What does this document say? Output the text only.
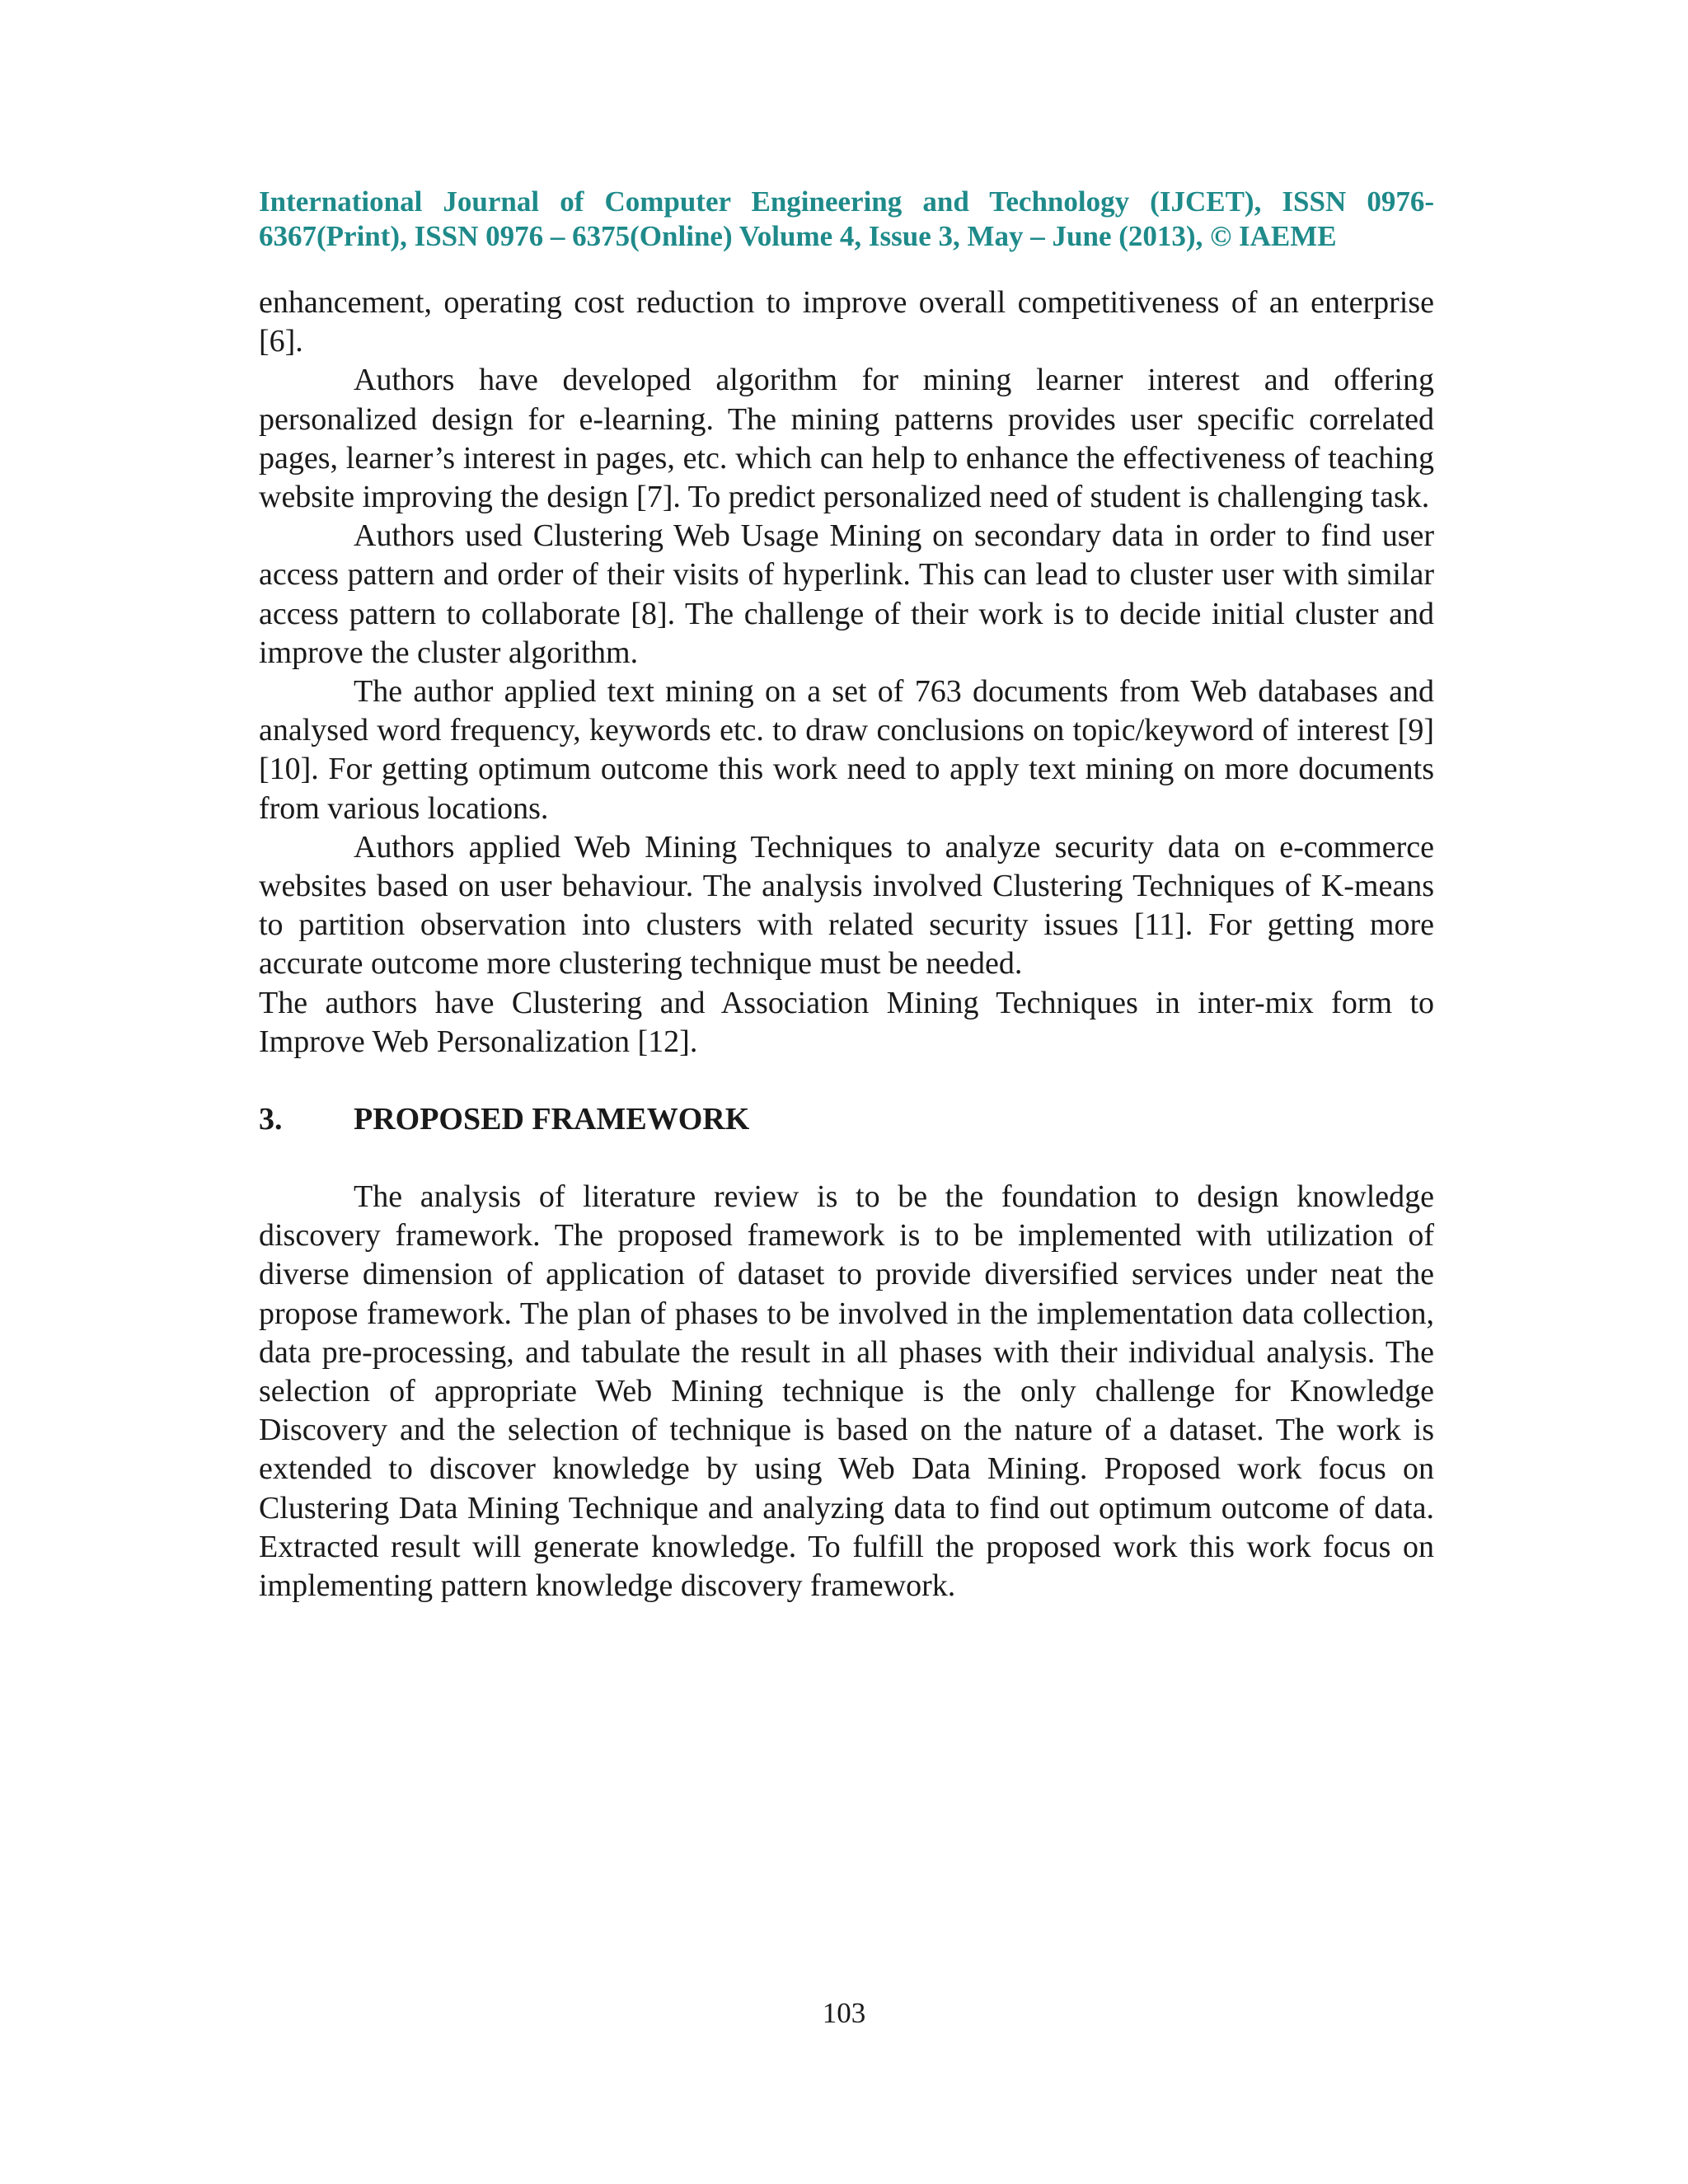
International Journal of Computer Engineering and Technology (IJCET), ISSN 0976-6367(Print), ISSN 0976 – 6375(Online) Volume 4, Issue 3, May – June (2013), © IAEME

enhancement, operating cost reduction to improve overall competitiveness of an enterprise [6].

Authors have developed algorithm for mining learner interest and offering personalized design for e-learning. The mining patterns provides user specific correlated pages, learner’s interest in pages, etc. which can help to enhance the effectiveness of teaching website improving the design [7]. To predict personalized need of student is challenging task.

Authors used Clustering Web Usage Mining on secondary data in order to find user access pattern and order of their visits of hyperlink. This can lead to cluster user with similar access pattern to collaborate [8]. The challenge of their work is to decide initial cluster and improve the cluster algorithm.

The author applied text mining on a set of 763 documents from Web databases and analysed word frequency, keywords etc. to draw conclusions on topic/keyword of interest [9][10]. For getting optimum outcome this work need to apply text mining on more documents from various locations.

Authors applied Web Mining Techniques to analyze security data on e-commerce websites based on user behaviour. The analysis involved Clustering Techniques of K-means to partition observation into clusters with related security issues [11]. For getting more accurate outcome more clustering technique must be needed.

The authors have Clustering and Association Mining Techniques in inter-mix form to Improve Web Personalization [12].

3.	PROPOSED FRAMEWORK

The analysis of literature review is to be the foundation to design knowledge discovery framework. The proposed framework is to be implemented with utilization of diverse dimension of application of dataset to provide diversified services under neat the propose framework. The plan of phases to be involved in the implementation data collection, data pre-processing, and tabulate the result in all phases with their individual analysis. The selection of appropriate Web Mining technique is the only challenge for Knowledge Discovery and the selection of technique is based on the nature of a dataset. The work is extended to discover knowledge by using Web Data Mining. Proposed work focus on Clustering Data Mining Technique and analyzing data to find out optimum outcome of data. Extracted result will generate knowledge. To fulfill the proposed work this work focus on implementing pattern knowledge discovery framework.

103
